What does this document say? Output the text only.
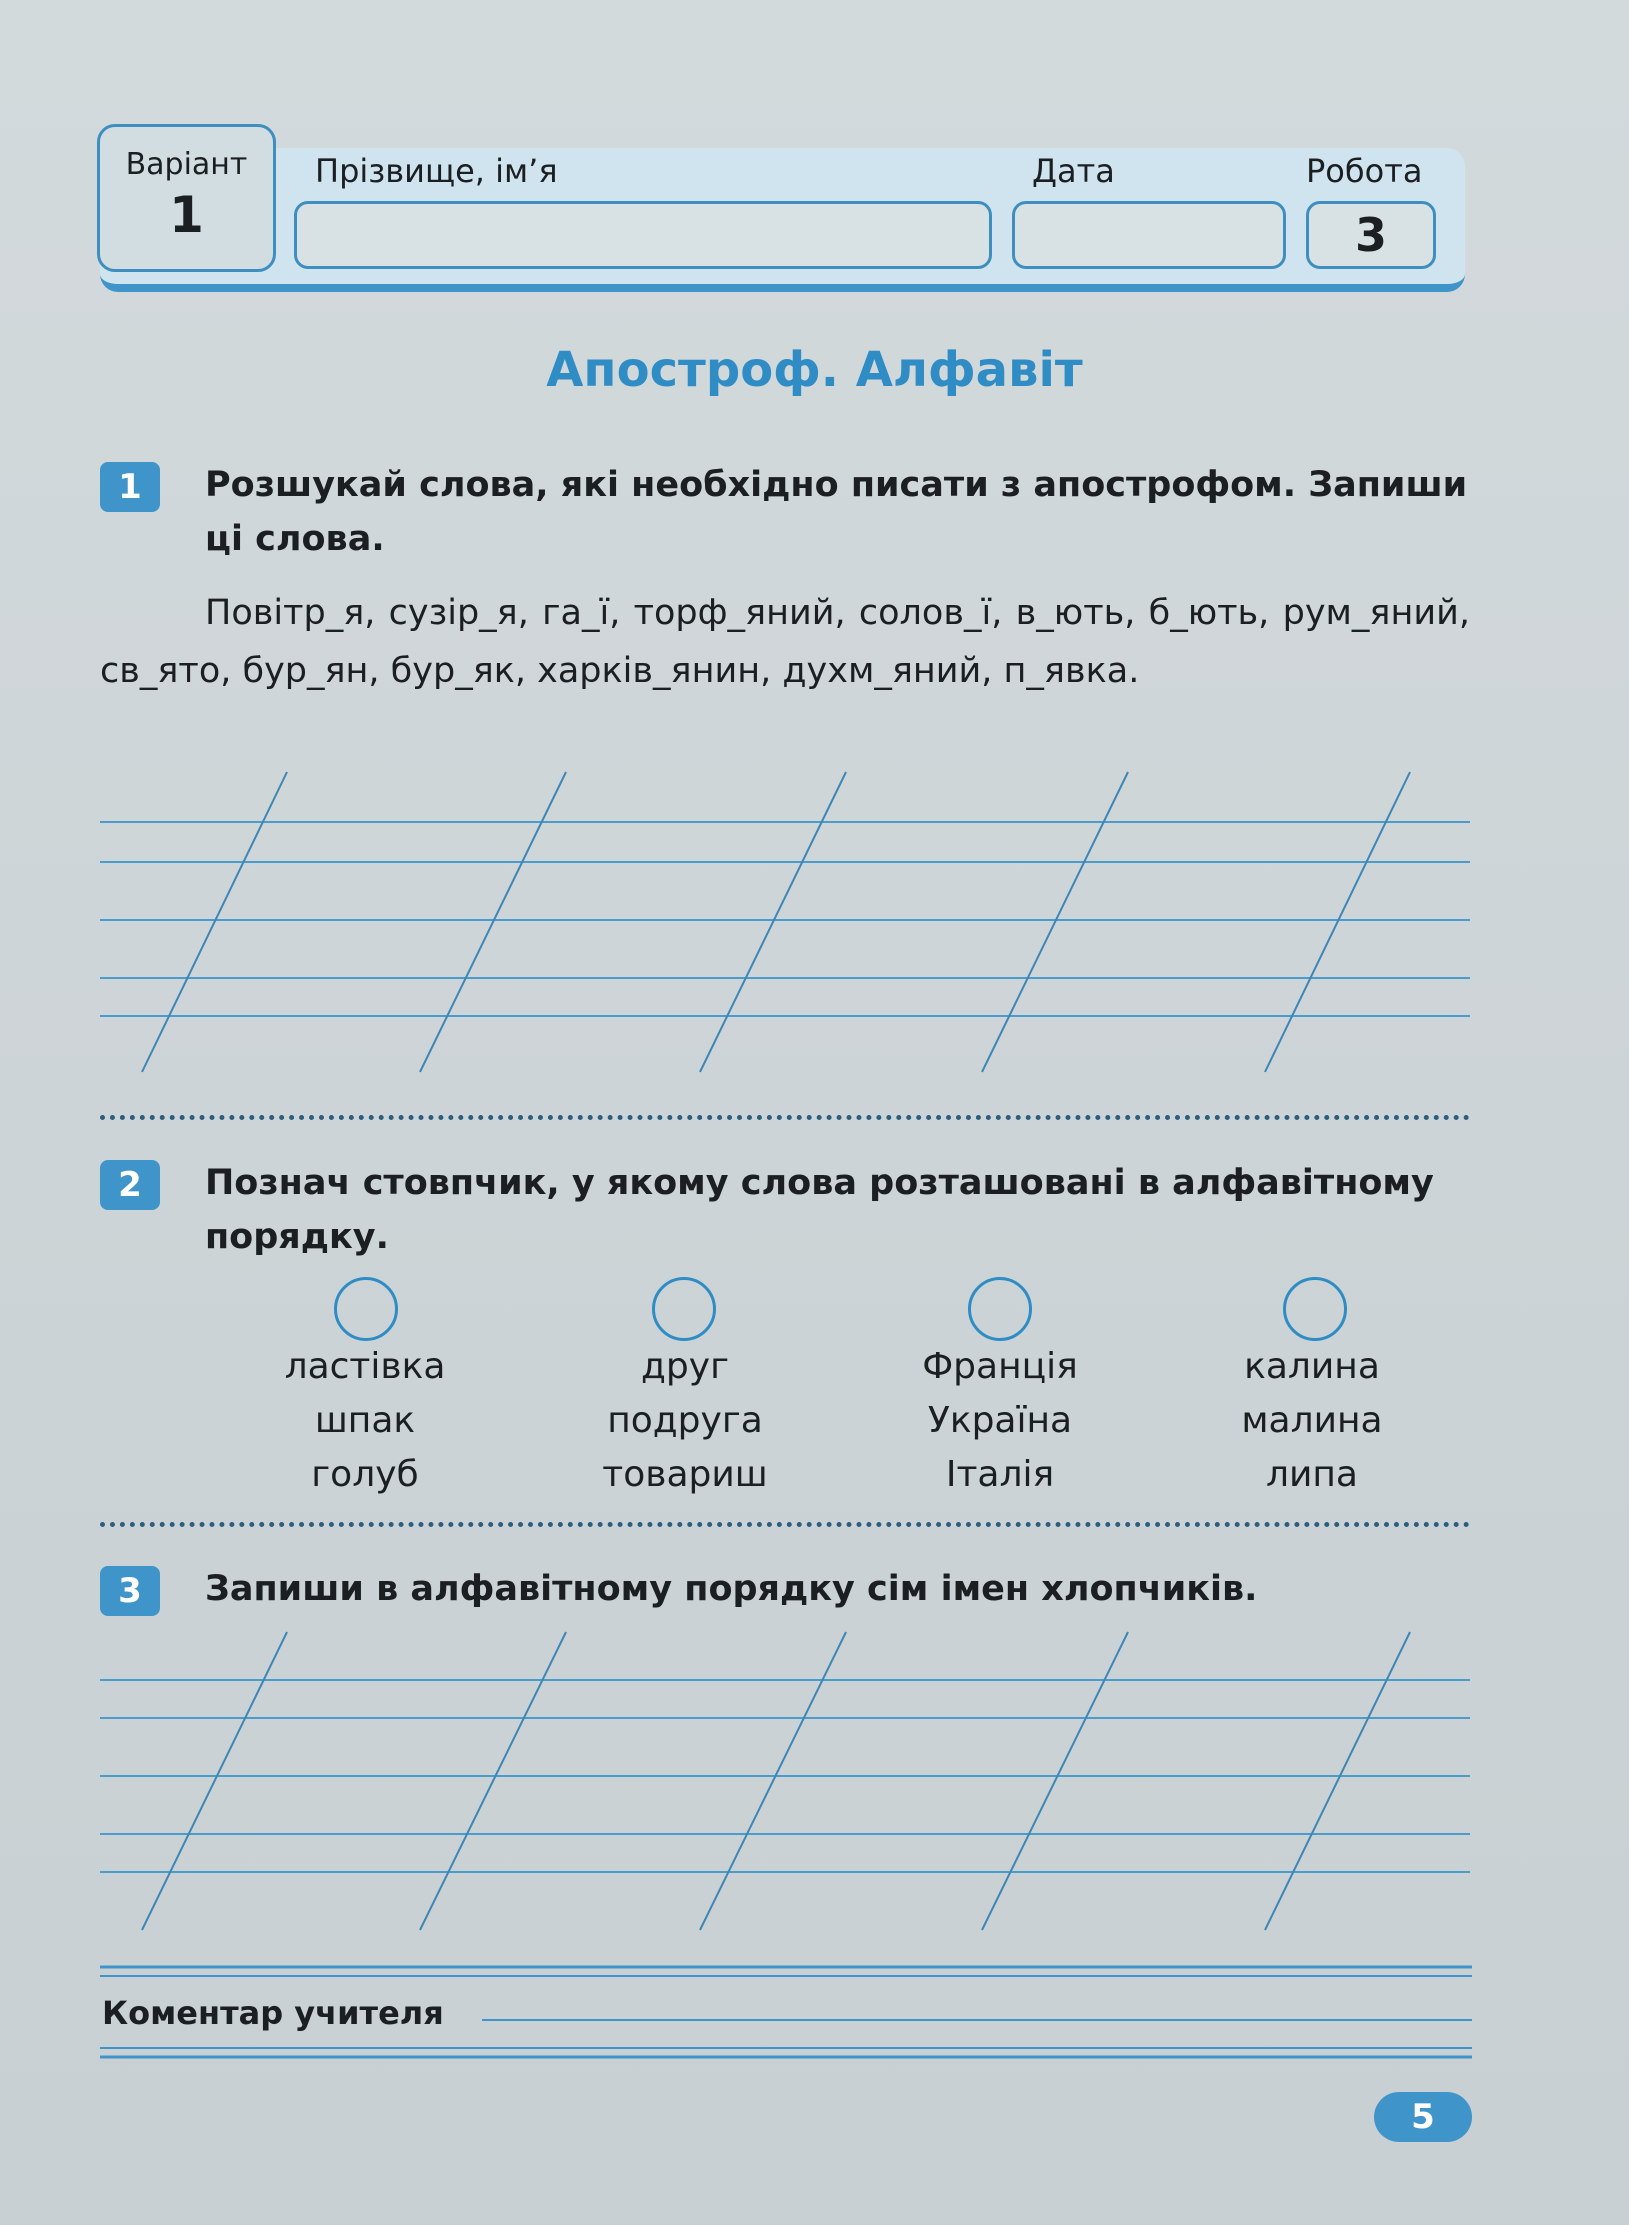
Варіант
1
Прізвище, ім’я	Дата	Робота
3
Апостроф. Алфавіт
1	Розшукай слова, які необхідно писати з апострофом. Запиши ці слова.
Повітр_я, сузір_я, га_ї, торф_яний, солов_ї, в_ють, б_ють, рум_яний, св_ято, бур_ян, бур_як, харків_янин, духм_яний, п_явка.
2	Познач стовпчик, у якому слова розташовані в алфавітному порядку.
ластівка
шпак
голуб
друг
подруга
товариш
Франція
Україна
Італія
калина
малина
липа
3	Запиши в алфавітному порядку сім імен хлопчиків.
Коментар учителя
5
